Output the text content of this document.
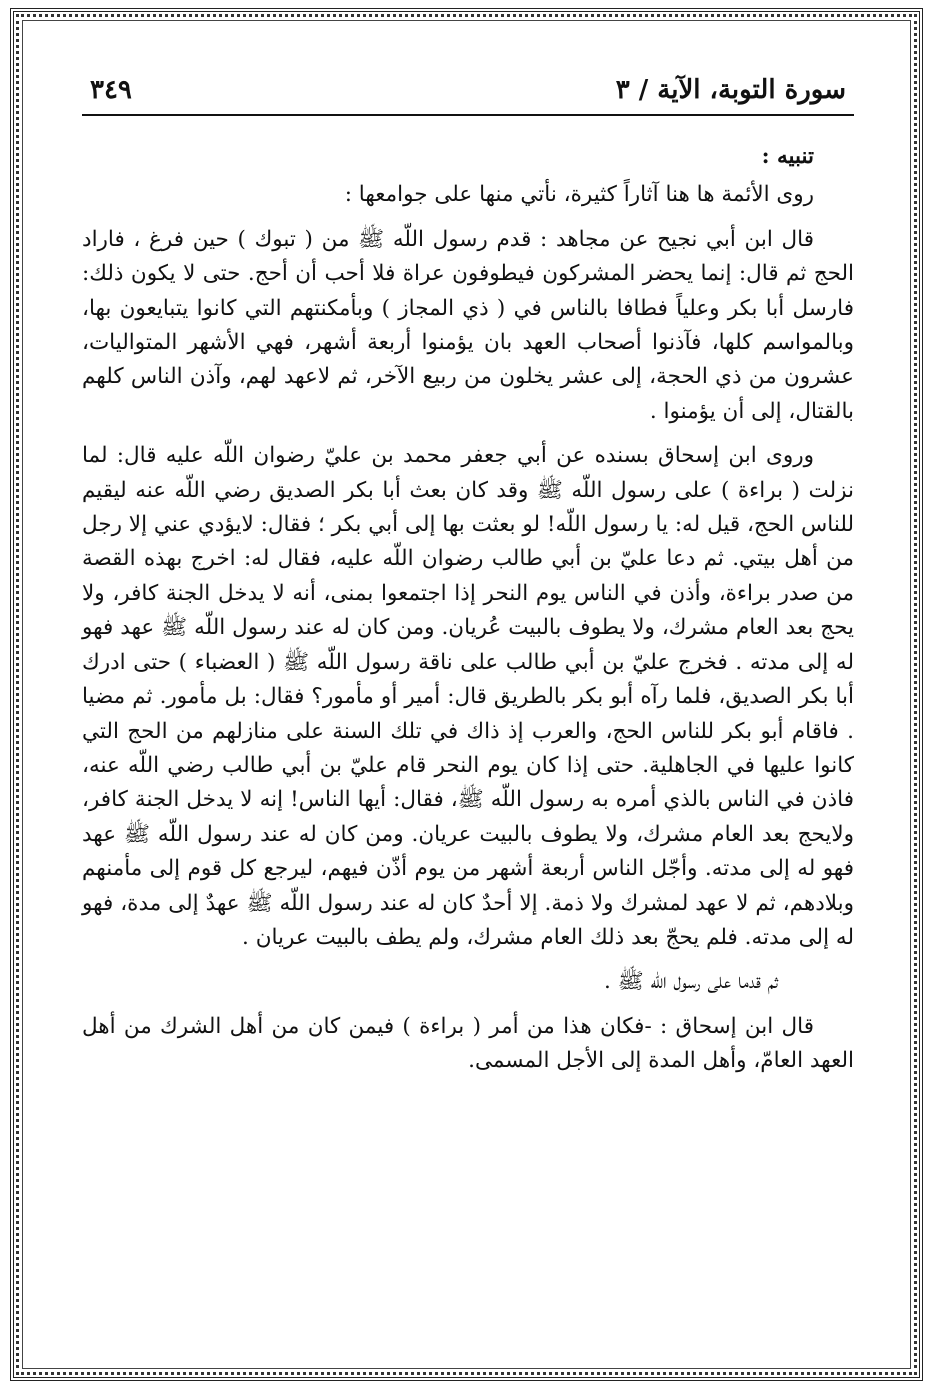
سورة التوبة، الآية / ٣
٣٤٩

تنبيه :

روى الأئمة ها هنا آثاراً كثيرة، نأتي منها على جوامعها :

قال ابن أبي نجيح عن مجاهد : قدم رسول اللّه ﷺ من ( تبوك ) حين فرغ ، فاراد الحج ثم قال: إنما يحضر المشركون فيطوفون عراة فلا أحب أن أحج. حتى لا يكون ذلك: فارسل أبا بكر وعلياً فطافا بالناس في ( ذي المجاز ) وبأمكنتهم التي كانوا يتبايعون بها، وبالمواسم كلها، فآذنوا أصحاب العهد بان يؤمنوا أربعة أشهر، فهي الأشهر المتواليات، عشرون من ذي الحجة، إلى عشر يخلون من ربيع الآخر، ثم لاعهد لهم، وآذن الناس كلهم بالقتال، إلى أن يؤمنوا .

وروى ابن إسحاق بسنده عن أبي جعفر محمد بن عليّ رضوان اللّه عليه قال: لما نزلت ( براءة ) على رسول اللّه ﷺ وقد كان بعث أبا بكر الصديق رضي اللّه عنه ليقيم للناس الحج، قيل له: يا رسول اللّه! لو بعثت بها إلى أبي بكر ؛ فقال: لايؤدي عني إلا رجل من أهل بيتي. ثم دعا عليّ بن أبي طالب رضوان اللّه عليه، فقال له: اخرج بهذه القصة من صدر براءة، وأذن في الناس يوم النحر إذا اجتمعوا بمنى، أنه لا يدخل الجنة كافر، ولا يحج بعد العام مشرك، ولا يطوف بالبيت عُريان. ومن كان له عند رسول اللّه ﷺ عهد فهو له إلى مدته . فخرج عليّ بن أبي طالب على ناقة رسول اللّه ﷺ ( العضباء ) حتى ادرك أبا بكر الصديق، فلما رآه أبو بكر بالطريق قال: أمير أو مأمور؟ فقال: بل مأمور. ثم مضيا . فاقام أبو بكر للناس الحج، والعرب إذ ذاك في تلك السنة على منازلهم من الحج التي كانوا عليها في الجاهلية. حتى إذا كان يوم النحر قام عليّ بن أبي طالب رضي اللّه عنه، فاذن في الناس بالذي أمره به رسول اللّه ﷺ، فقال: أيها الناس! إنه لا يدخل الجنة كافر، ولايحج بعد العام مشرك، ولا يطوف بالبيت عريان. ومن كان له عند رسول اللّه ﷺ عهد فهو له إلى مدته. وأجّل الناس أربعة أشهر من يوم أذّن فيهم، ليرجع كل قوم إلى مأمنهم وبلادهم، ثم لا عهد لمشرك ولا ذمة. إلا أحدٌ كان له عند رسول اللّه ﷺ عهدٌ إلى مدة، فهو له إلى مدته. فلم يحجّ بعد ذلك العام مشرك، ولم يطف بالبيت عريان .

ثم قدما على رسول اللّه ﷺ .

قال ابن إسحاق : -فكان هذا من أمر ( براءة ) فيمن كان من أهل الشرك من أهل العهد العامّ، وأهل المدة إلى الأجل المسمى.
